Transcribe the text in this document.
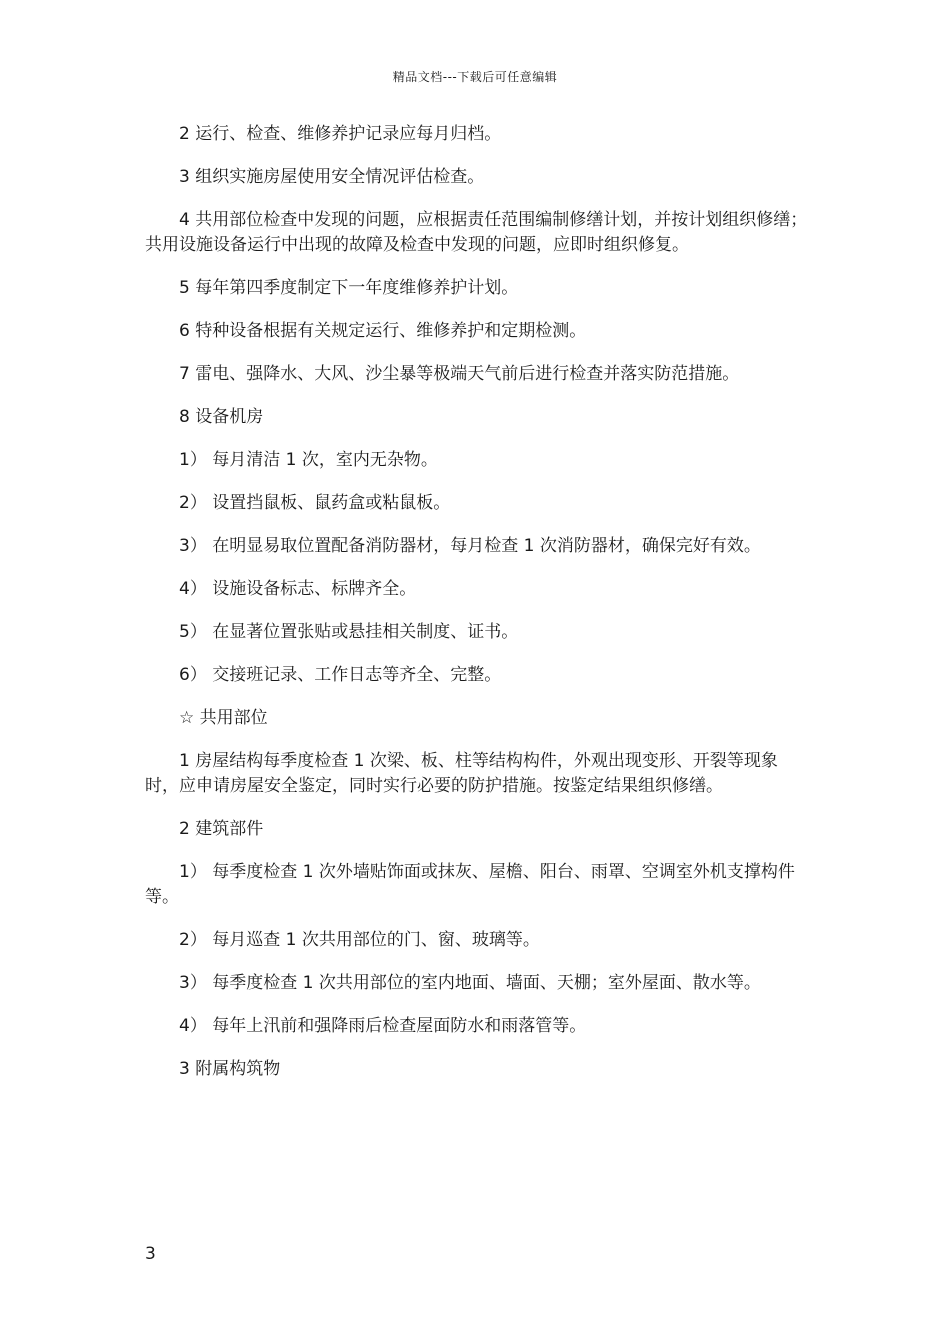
精品文档---下载后可任意编辑

2 运行、检查、维修养护记录应每月归档。

3 组织实施房屋使用安全情况评估检查。

4 共用部位检查中发现的问题，应根据责任范围编制修缮计划，并按计划组织修缮；共用设施设备运行中出现的故障及检查中发现的问题，应即时组织修复。

5 每年第四季度制定下一年度维修养护计划。

6 特种设备根据有关规定运行、维修养护和定期检测。

7 雷电、强降水、大风、沙尘暴等极端天气前后进行检查并落实防范措施。

8 设备机房

1） 每月清洁 1 次，室内无杂物。

2） 设置挡鼠板、鼠药盒或粘鼠板。

3） 在明显易取位置配备消防器材，每月检查 1 次消防器材，确保完好有效。

4） 设施设备标志、标牌齐全。

5） 在显著位置张贴或悬挂相关制度、证书。

6） 交接班记录、工作日志等齐全、完整。

☆ 共用部位

1 房屋结构每季度检查 1 次梁、板、柱等结构构件，外观出现变形、开裂等现象时，应申请房屋安全鉴定，同时实行必要的防护措施。按鉴定结果组织修缮。

2 建筑部件

1） 每季度检查 1 次外墙贴饰面或抹灰、屋檐、阳台、雨罩、空调室外机支撑构件等。

2） 每月巡查 1 次共用部位的门、窗、玻璃等。

3） 每季度检查 1 次共用部位的室内地面、墙面、天棚；室外屋面、散水等。

4） 每年上汛前和强降雨后检查屋面防水和雨落管等。

3 附属构筑物

3
